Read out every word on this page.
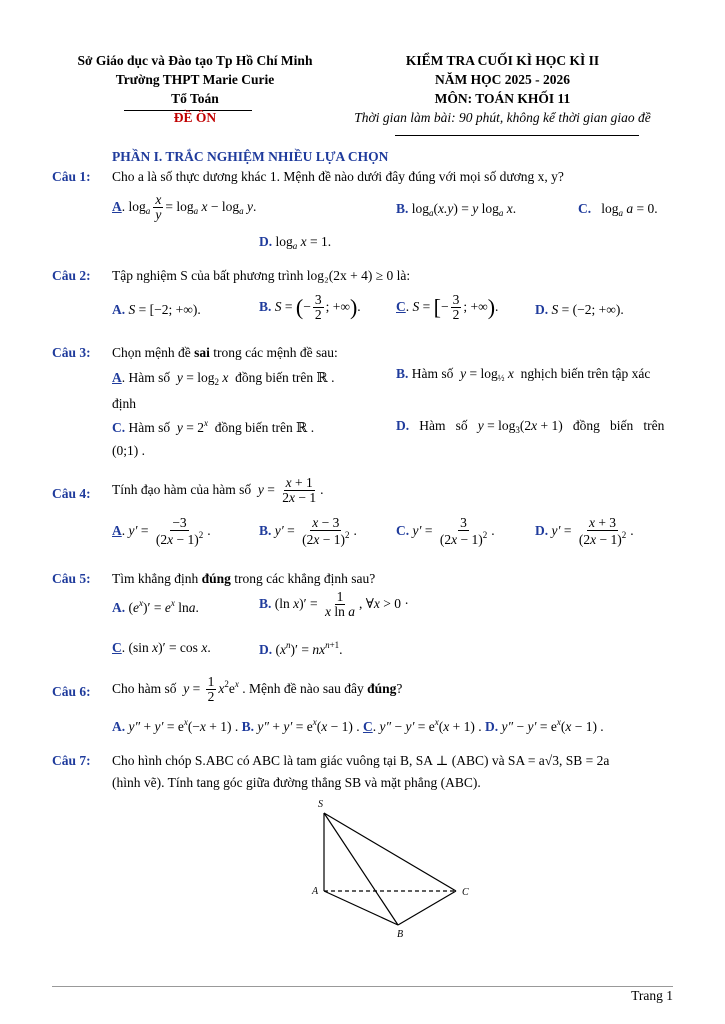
Sở Giáo dục và Đào tạo Tp Hồ Chí Minh
Trường THPT Marie Curie
Tổ Toán
ĐỀ ÔN
KIỂM TRA CUỐI KÌ HỌC KÌ II
NĂM HỌC 2025 - 2026
MÔN: TOÁN KHỐI 11
Thời gian làm bài: 90 phút, không kể thời gian giao đề
PHẦN I. TRẮC NGHIỆM NHIỀU LỰA CHỌN
Câu 1: Cho a là số thực dương khác 1. Mệnh đề nào dưới đây đúng với mọi số dương x, y?
A. $\log_a$  $\frac{x}{y} = \log_a x - \log_a y$.	B. $\log_a(x.y) = y$ $\log_a x$.	C.   $\log_a a = 0$.
D. $\log_a x = 1$.
Câu 2: Tập nghiệm S của bất phương trình log₂(2x + 4) ≥ 0 là:
A. S = [−2; +∞).	B. S = (− $\frac{3}{2}$ ; +∞).	C. S = [− $\frac{3}{2}$ ; +∞).	D. S = (−2; +∞).
Câu 3: Chọn mệnh đề sai trong các mệnh đề sau:
A. Hàm số  $y = \log_2 x$  đồng biến trên ℝ .	B. Hàm số  $y = \log_{\frac{1}{2}} x$  nghịch biến trên tập xác
định
C. Hàm số  $y = 2^x$  đồng biến trên ℝ .	D.   Hàm   số   $y = \log_3(2x + 1)$   đồng   biến   trên
(0;1) .
Câu 4: Tính đạo hàm của hàm số $y = \frac{x + 1}{2x - 1}$ .
A. $y' = \frac{-3}{(2x - 1)^2}$ .	B. $y' = \frac{x - 3}{(2x - 1)^2}$ .	C. $y' = \frac{3}{(2x - 1)^2}$ .	D. $y' = \frac{x + 3}{(2x - 1)^2}$ .
Câu 5: Tìm khẳng định đúng trong các khẳng định sau?
A. $(e^x)' = e^x$ lna.	B. (ln $x)' = \frac{1}{\text{x ln a}}$ , ∀x > 0 ·
C. (sin x)′ = cos x.	D. $(x^n)' = nx^{n+1}$.
Câu 6: Cho hàm số $y = \frac{1}{2} x^2e^x$ . Mệnh đề nào sau đây đúng?
A. $y'' + y' = e^x(-x + 1)$ . B. $y'' + y' = e^x(x - 1)$ . C. $y'' - y' = e^x(x + 1)$ . D. $y'' - y' = e^x(x - 1)$ .
Câu 7: Cho hình chóp S.ABC có ABC là tam giác vuông tại B, SA ⊥ (ABC) và SA = a√3, SB = 2a
(hình vẽ). Tính tang góc giữa đường thẳng SB và mặt phẳng (ABC).
S
A
B
C
Trang 1
